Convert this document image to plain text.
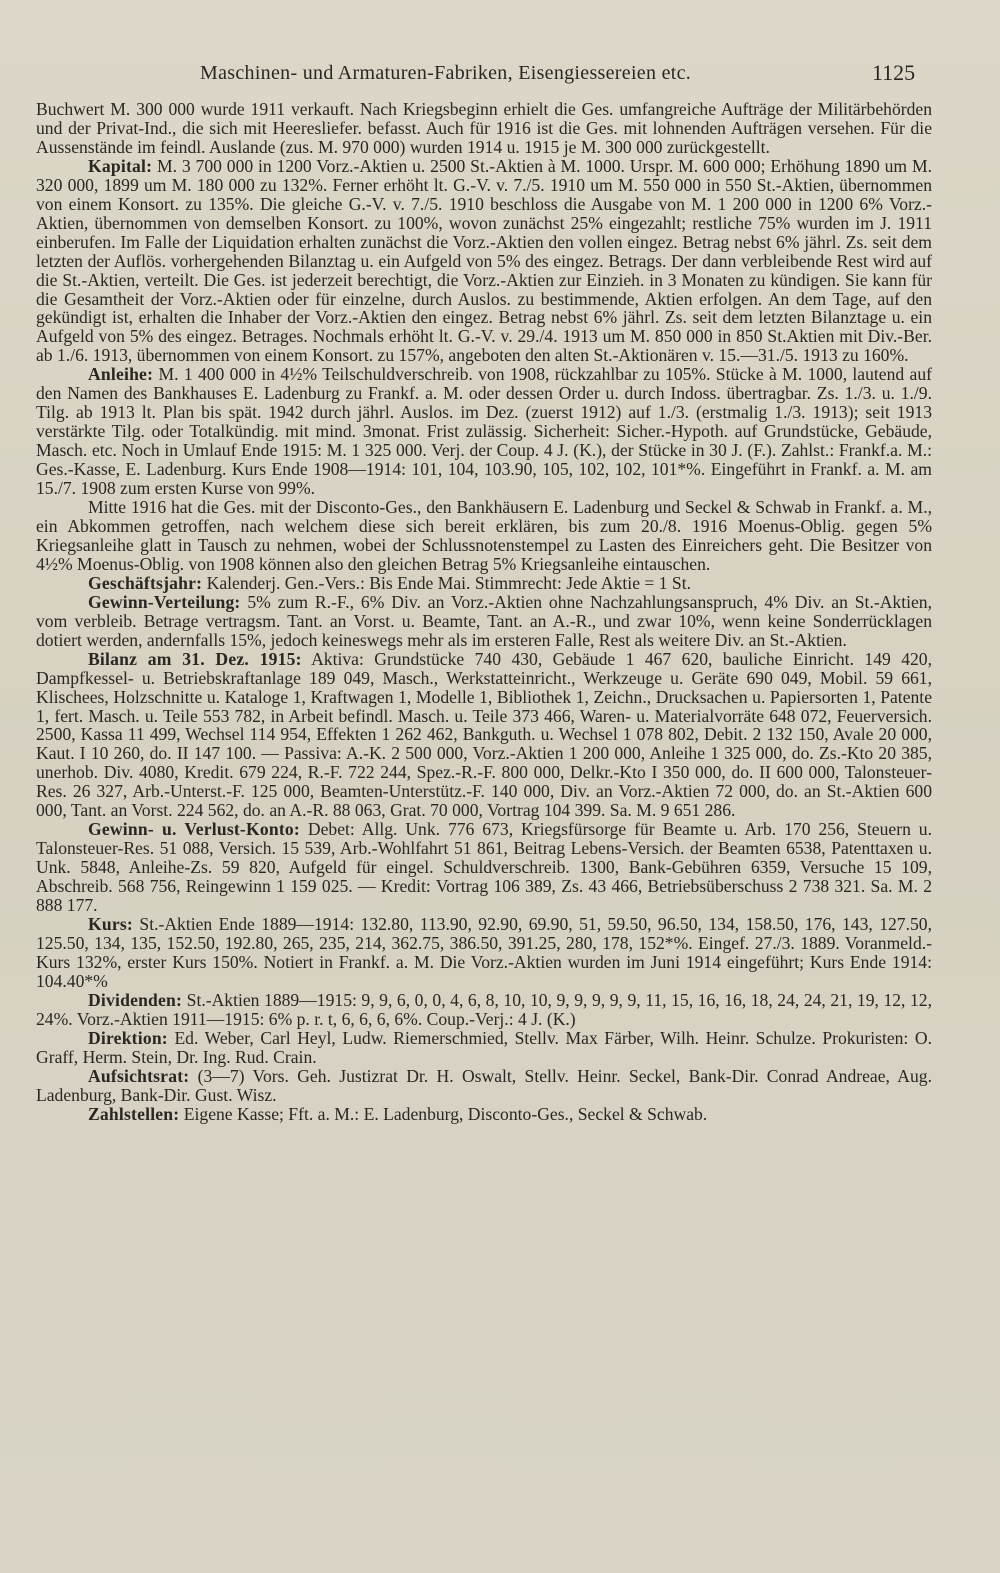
Maschinen- und Armaturen-Fabriken, Eisengiessereien etc.	1125

Buchwert M. 300 000 wurde 1911 verkauft. Nach Kriegsbeginn erhielt die Ges. umfangreiche Aufträge der Militärbehörden und der Privat-Ind., die sich mit Heeresliefer. befasst. Auch für 1916 ist die Ges. mit lohnenden Aufträgen versehen. Für die Aussenstände im feindl. Auslande (zus. M. 970 000) wurden 1914 u. 1915 je M. 300 000 zurückgestellt.

Kapital: M. 3 700 000 in 1200 Vorz.-Aktien u. 2500 St.-Aktien à M. 1000. Urspr. M. 600 000; Erhöhung 1890 um M. 320 000, 1899 um M. 180 000 zu 132%. Ferner erhöht lt. G.-V. v. 7./5. 1910 um M. 550 000 in 550 St.-Aktien, übernommen von einem Konsort. zu 135%. Die gleiche G.-V. v. 7./5. 1910 beschloss die Ausgabe von M. 1 200 000 in 1200 6% Vorz.-Aktien, übernommen von demselben Konsort. zu 100%, wovon zunächst 25% eingezahlt; restliche 75% wurden im J. 1911 einberufen. Im Falle der Liquidation erhalten zunächst die Vorz.-Aktien den vollen eingez. Betrag nebst 6% jährl. Zs. seit dem letzten der Auflös. vorhergehenden Bilanztag u. ein Aufgeld von 5% des eingez. Betrags. Der dann verbleibende Rest wird auf die St.-Aktien, verteilt. Die Ges. ist jederzeit berechtigt, die Vorz.-Aktien zur Einzieh. in 3 Monaten zu kündigen. Sie kann für die Gesamtheit der Vorz.-Aktien oder für einzelne, durch Auslos. zu bestimmende, Aktien erfolgen. An dem Tage, auf den gekündigt ist, erhalten die Inhaber der Vorz.-Aktien den eingez. Betrag nebst 6% jährl. Zs. seit dem letzten Bilanztage u. ein Aufgeld von 5% des eingez. Betrages. Nochmals erhöht lt. G.-V. v. 29./4. 1913 um M. 850 000 in 850 St.Aktien mit Div.-Ber. ab 1./6. 1913, übernommen von einem Konsort. zu 157%, angeboten den alten St.-Aktionären v. 15.—31./5. 1913 zu 160%.

Anleihe: M. 1 400 000 in 4½% Teilschuldverschreib. von 1908, rückzahlbar zu 105%. Stücke à M. 1000, lautend auf den Namen des Bankhauses E. Ladenburg zu Frankf. a. M. oder dessen Order u. durch Indoss. übertragbar. Zs. 1./3. u. 1./9. Tilg. ab 1913 lt. Plan bis spät. 1942 durch jährl. Auslos. im Dez. (zuerst 1912) auf 1./3. (erstmalig 1./3. 1913); seit 1913 verstärkte Tilg. oder Totalkündig. mit mind. 3monat. Frist zulässig. Sicherheit: Sicher.-Hypoth. auf Grundstücke, Gebäude, Masch. etc. Noch in Umlauf Ende 1915: M. 1 325 000. Verj. der Coup. 4 J. (K.), der Stücke in 30 J. (F.). Zahlst.: Frankf.a. M.: Ges.-Kasse, E. Ladenburg. Kurs Ende 1908—1914: 101, 104, 103.90, 105, 102, 102, 101*%. Eingeführt in Frankf. a. M. am 15./7. 1908 zum ersten Kurse von 99%.

Mitte 1916 hat die Ges. mit der Disconto-Ges., den Bankhäusern E. Ladenburg und Seckel & Schwab in Frankf. a. M., ein Abkommen getroffen, nach welchem diese sich bereit erklären, bis zum 20./8. 1916 Moenus-Oblig. gegen 5% Kriegsanleihe glatt in Tausch zu nehmen, wobei der Schlussnotenstempel zu Lasten des Einreichers geht. Die Besitzer von 4½% Moenus-Oblig. von 1908 können also den gleichen Betrag 5% Kriegsanleihe eintauschen.

Geschäftsjahr: Kalenderj. Gen.-Vers.: Bis Ende Mai. Stimmrecht: Jede Aktie = 1 St.

Gewinn-Verteilung: 5% zum R.-F., 6% Div. an Vorz.-Aktien ohne Nachzahlungsanspruch, 4% Div. an St.-Aktien, vom verbleib. Betrage vertragsm. Tant. an Vorst. u. Beamte, Tant. an A.-R., und zwar 10%, wenn keine Sonderrücklagen dotiert werden, andernfalls 15%, jedoch keineswegs mehr als im ersteren Falle, Rest als weitere Div. an St.-Aktien.

Bilanz am 31. Dez. 1915: Aktiva: Grundstücke 740 430, Gebäude 1 467 620, bauliche Einricht. 149 420, Dampfkessel- u. Betriebskraftanlage 189 049, Masch., Werkstatteinricht., Werkzeuge u. Geräte 690 049, Mobil. 59 661, Klischees, Holzschnitte u. Kataloge 1, Kraftwagen 1, Modelle 1, Bibliothek 1, Zeichn., Drucksachen u. Papiersorten 1, Patente 1, fert. Masch. u. Teile 553 782, in Arbeit befindl. Masch. u. Teile 373 466, Waren- u. Materialvorräte 648 072, Feuerversich. 2500, Kassa 11 499, Wechsel 114 954, Effekten 1 262 462, Bankguth. u. Wechsel 1 078 802, Debit. 2 132 150, Avale 20 000, Kaut. I 10 260, do. II 147 100. — Passiva: A.-K. 2 500 000, Vorz.-Aktien 1 200 000, Anleihe 1 325 000, do. Zs.-Kto 20 385, unerhob. Div. 4080, Kredit. 679 224, R.-F. 722 244, Spez.-R.-F. 800 000, Delkr.-Kto I 350 000, do. II 600 000, Talonsteuer-Res. 26 327, Arb.-Unterst.-F. 125 000, Beamten-Unterstütz.-F. 140 000, Div. an Vorz.-Aktien 72 000, do. an St.-Aktien 600 000, Tant. an Vorst. 224 562, do. an A.-R. 88 063, Grat. 70 000, Vortrag 104 399. Sa. M. 9 651 286.

Gewinn- u. Verlust-Konto: Debet: Allg. Unk. 776 673, Kriegsfürsorge für Beamte u. Arb. 170 256, Steuern u. Talonsteuer-Res. 51 088, Versich. 15 539, Arb.-Wohlfahrt 51 861, Beitrag Lebens-Versich. der Beamten 6538, Patenttaxen u. Unk. 5848, Anleihe-Zs. 59 820, Aufgeld für eingel. Schuldverschreib. 1300, Bank-Gebühren 6359, Versuche 15 109, Abschreib. 568 756, Reingewinn 1 159 025. — Kredit: Vortrag 106 389, Zs. 43 466, Betriebsüberschuss 2 738 321. Sa. M. 2 888 177.

Kurs: St.-Aktien Ende 1889—1914: 132.80, 113.90, 92.90, 69.90, 51, 59.50, 96.50, 134, 158.50, 176, 143, 127.50, 125.50, 134, 135, 152.50, 192.80, 265, 235, 214, 362.75, 386.50, 391.25, 280, 178, 152*%. Eingef. 27./3. 1889. Voranmeld.-Kurs 132%, erster Kurs 150%. Notiert in Frankf. a. M. Die Vorz.-Aktien wurden im Juni 1914 eingeführt; Kurs Ende 1914: 104.40*%

Dividenden: St.-Aktien 1889—1915: 9, 9, 6, 0, 0, 4, 6, 8, 10, 10, 9, 9, 9, 9, 9, 11, 15, 16, 16, 18, 24, 24, 21, 19, 12, 12, 24%. Vorz.-Aktien 1911—1915: 6% p. r. t, 6, 6, 6, 6%. Coup.-Verj.: 4 J. (K.)

Direktion: Ed. Weber, Carl Heyl, Ludw. Riemerschmied, Stellv. Max Färber, Wilh. Heinr. Schulze. Prokuristen: O. Graff, Herm. Stein, Dr. Ing. Rud. Crain.

Aufsichtsrat: (3—7) Vors. Geh. Justizrat Dr. H. Oswalt, Stellv. Heinr. Seckel, Bank-Dir. Conrad Andreae, Aug. Ladenburg, Bank-Dir. Gust. Wisz.

Zahlstellen: Eigene Kasse; Fft. a. M.: E. Ladenburg, Disconto-Ges., Seckel & Schwab.
